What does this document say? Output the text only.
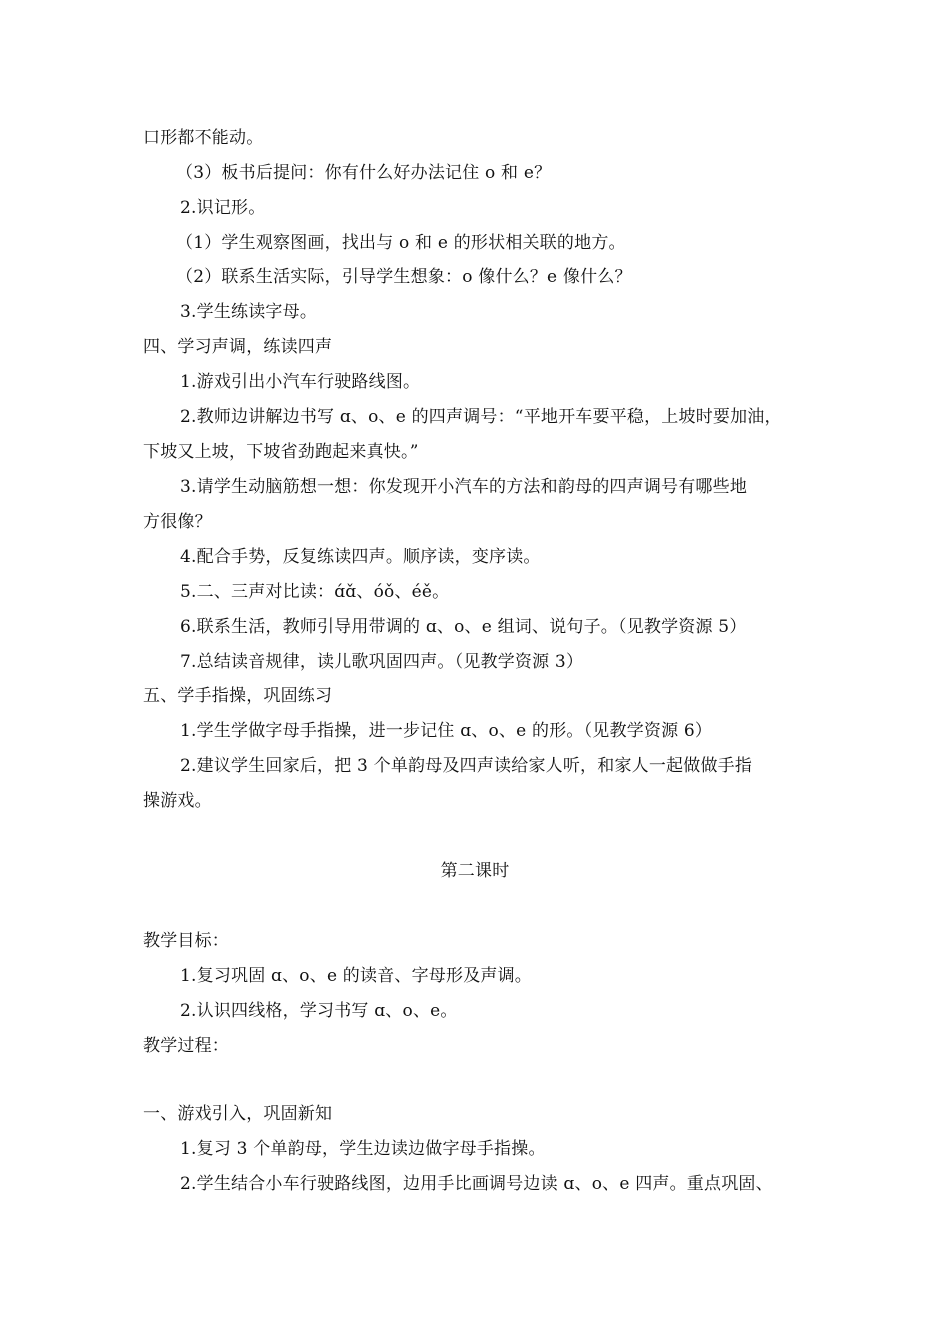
口形都不能动。
（3）板书后提问：你有什么好办法记住 o 和 e？
2.识记形。
（1）学生观察图画，找出与 o 和 e 的形状相关联的地方。
（2）联系生活实际，引导学生想象：o 像什么？e 像什么？
3.学生练读字母。
四、学习声调，练读四声
1.游戏引出小汽车行驶路线图。
2.教师边讲解边书写 ɑ、o、e 的四声调号：“平地开车要平稳，上坡时要加油，
下坡又上坡，下坡省劲跑起来真快。”
3.请学生动脑筋想一想：你发现开小汽车的方法和韵母的四声调号有哪些地
方很像？
4.配合手势，反复练读四声。顺序读，变序读。
5.二、三声对比读：ɑ́ɑ̌、óǒ、éě。
6.联系生活，教师引导用带调的 ɑ、o、e 组词、说句子。（见教学资源 5）
7.总结读音规律，读儿歌巩固四声。（见教学资源 3）
五、学手指操，巩固练习
1.学生学做字母手指操，进一步记住 ɑ、o、e 的形。（见教学资源 6）
2.建议学生回家后，把 3 个单韵母及四声读给家人听，和家人一起做做手指
操游戏。
第二课时
教学目标：
1.复习巩固 ɑ、o、e 的读音、字母形及声调。
2.认识四线格，学习书写 ɑ、o、e。
教学过程：
一、游戏引入，巩固新知
1.复习 3 个单韵母，学生边读边做字母手指操。
2.学生结合小车行驶路线图，边用手比画调号边读 ɑ、o、e 四声。重点巩固、
